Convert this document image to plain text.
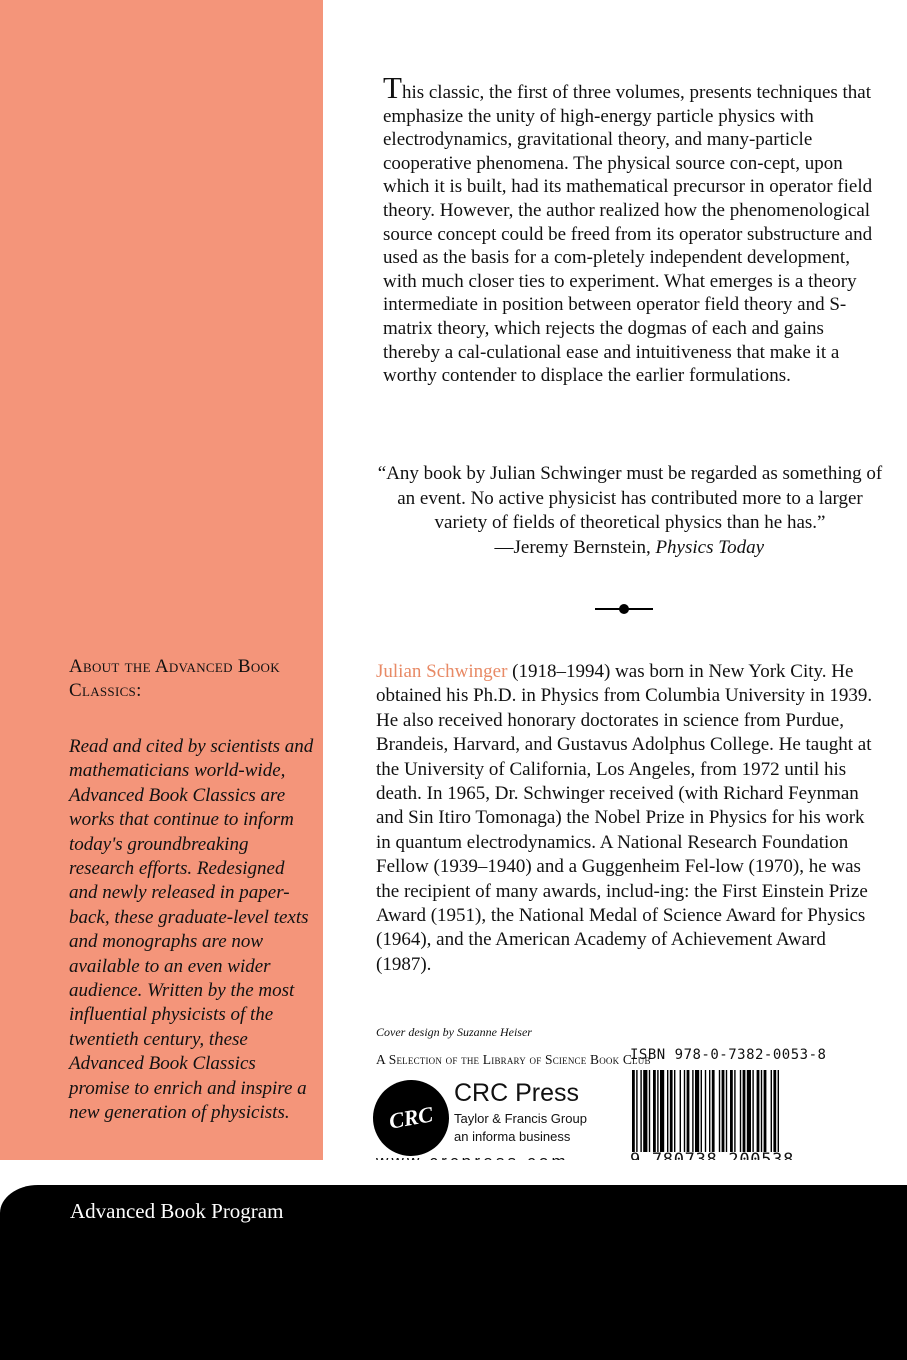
About the Advanced Book Classics:
Read and cited by scientists and mathematicians world-wide, Advanced Book Classics are works that continue to inform today's groundbreaking research efforts. Redesigned and newly released in paper-back, these graduate-level texts and monographs are now available to an even wider audience. Written by the most influential physicists of the twentieth century, these Advanced Book Classics promise to enrich and inspire a new generation of physicists.
This classic, the first of three volumes, presents techniques that emphasize the unity of high-energy particle physics with electrodynamics, gravitational theory, and many-particle cooperative phenomena. The physical source con-cept, upon which it is built, had its mathematical precursor in operator field theory. However, the author realized how the phenomenological source concept could be freed from its operator substructure and used as the basis for a com-pletely independent development, with much closer ties to experiment. What emerges is a theory intermediate in position between operator field theory and S-matrix theory, which rejects the dogmas of each and gains thereby a cal-culational ease and intuitiveness that make it a worthy contender to displace the earlier formulations.
“Any book by Julian Schwinger must be regarded as something of an event. No active physicist has contributed more to a larger variety of fields of theoretical physics than he has.”
—Jeremy Bernstein, Physics Today
Julian Schwinger (1918–1994) was born in New York City. He obtained his Ph.D. in Physics from Columbia University in 1939. He also received honorary doctorates in science from Purdue, Brandeis, Harvard, and Gustavus Adolphus College. He taught at the University of California, Los Angeles, from 1972 until his death. In 1965, Dr. Schwinger received (with Richard Feynman and Sin Itiro Tomonaga) the Nobel Prize in Physics for his work in quantum electrodynamics. A National Research Foundation Fellow (1939–1940) and a Guggenheim Fel-low (1970), he was the recipient of many awards, includ-ing: the First Einstein Prize Award (1951), the National Medal of Science Award for Physics (1964), and the American Academy of Achievement Award (1987).
Cover design by Suzanne Heiser
A Selection of the Library of Science Book Club
CRC
CRC Press
Taylor & Francis Group
an informa business
ISBN 978-0-7382-0053-8
Advanced Book Program
